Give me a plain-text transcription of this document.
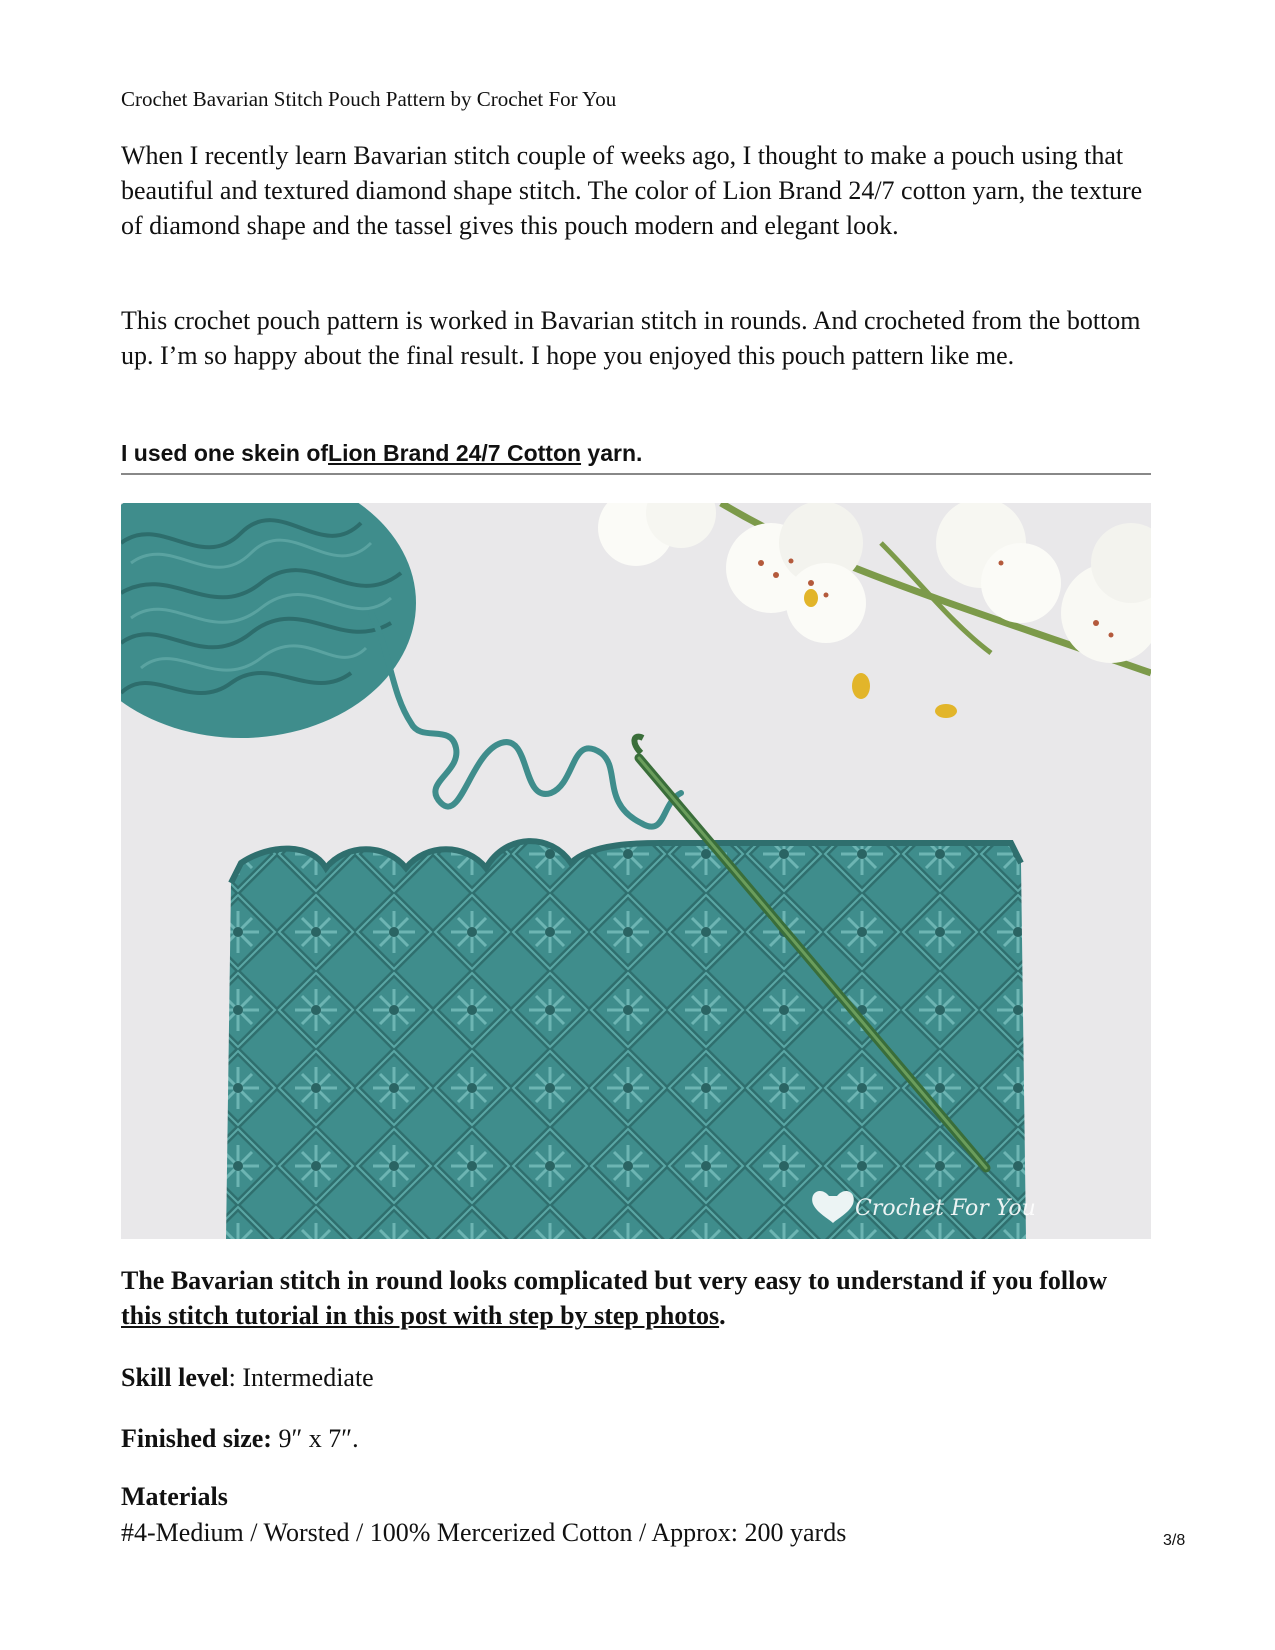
Crochet Bavarian Stitch Pouch Pattern by Crochet For You

When I recently learn Bavarian stitch couple of weeks ago, I thought to make a pouch using that beautiful and textured diamond shape stitch. The color of Lion Brand 24/7 cotton yarn, the texture of diamond shape and the tassel gives this pouch modern and elegant look.

This crochet pouch pattern is worked in Bavarian stitch in rounds. And crocheted from the bottom up. I’m so happy about the final result. I hope you enjoyed this pouch pattern like me.

I used one skein ofLion Brand 24/7 Cotton yarn.
Crochet For You

The Bavarian stitch in round looks complicated but very easy to understand if you follow this stitch tutorial in this post with step by step photos.

Skill level: Intermediate
Finished size: 9″ x 7″.
Materials
#4-Medium / Worsted / 100% Mercerized Cotton / Approx: 200 yards	3/8
